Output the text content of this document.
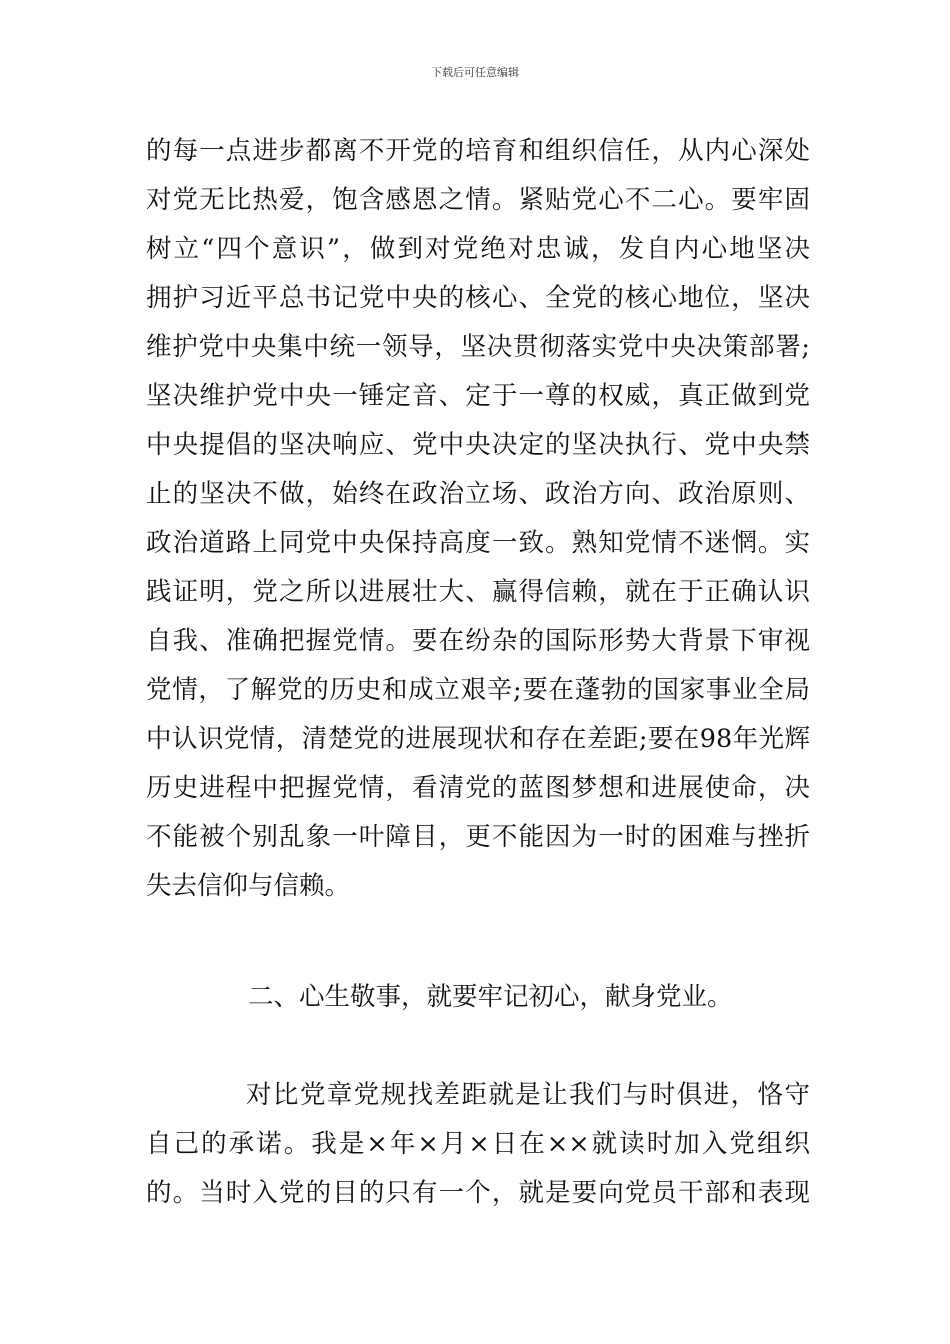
下载后可任意编辑
的每一点进步都离不开党的培育和组织信任，从内心深处
对党无比热爱，饱含感恩之情。紧贴党心不二心。要牢固
树立“四个意识”，做到对党绝对忠诚，发自内心地坚决
拥护习近平总书记党中央的核心、全党的核心地位，坚决
维护党中央集中统一领导，坚决贯彻落实党中央决策部署;
坚决维护党中央一锤定音、定于一尊的权威，真正做到党
中央提倡的坚决响应、党中央决定的坚决执行、党中央禁
止的坚决不做，始终在政治立场、政治方向、政治原则、
政治道路上同党中央保持高度一致。熟知党情不迷惘。实
践证明，党之所以进展壮大、赢得信赖，就在于正确认识
自我、准确把握党情。要在纷杂的国际形势大背景下审视
党情，了解党的历史和成立艰辛;要在蓬勃的国家事业全局
中认识党情，清楚党的进展现状和存在差距;要在98年光辉
历史进程中把握党情，看清党的蓝图梦想和进展使命，决
不能被个别乱象一叶障目，更不能因为一时的困难与挫折
失去信仰与信赖。
二、心生敬事，就要牢记初心，献身党业。
对比党章党规找差距就是让我们与时俱进，恪守
自己的承诺。我是×年×月×日在××就读时加入党组织
的。当时入党的目的只有一个，就是要向党员干部和表现
